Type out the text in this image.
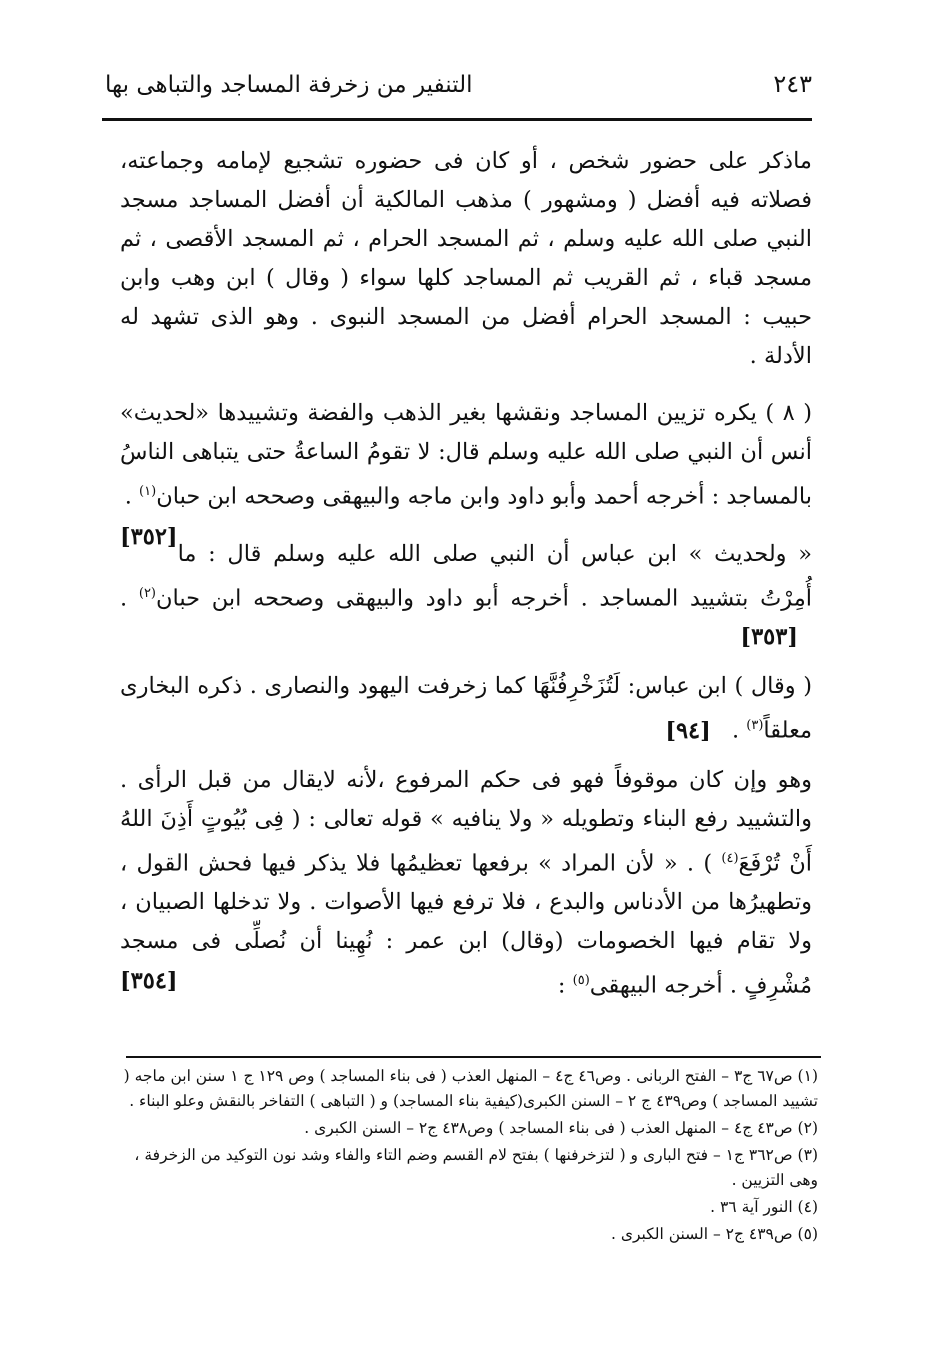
٢٤٣
التنفير من زخرفة المساجد والتباهى بها

ماذكر على حضور شخص ، أو كان فى حضوره تشجيع لإمامه وجماعته، فصلاته فيه أفضل ( ومشهور ) مذهب المالكية أن أفضل المساجد مسجد النبي صلى الله عليه وسلم ، ثم المسجد الحرام ، ثم المسجد الأقصى ، ثم مسجد قباء ، ثم القريب ثم المساجد كلها سواء ( وقال ) ابن وهب وابن حبيب : المسجد الحرام أفضل من المسجد النبوى . وهو الذى تشهد له الأدلة .

( ٨ ) يكره تزيين المساجد ونقشها بغير الذهب والفضة وتشييدها «لحديث» أنس أن النبي صلى الله عليه وسلم قال: لا تقومُ الساعةُ حتى يتباهى الناسُ بالمساجد : أخرجه أحمد وأبو داود وابن ماجه والبيهقى وصححه ابن حبان$^{(١)}$ .
[٣٥٢]

« ولحديث » ابن عباس أن النبي صلى الله عليه وسلم قال : ما أُمِرْتُ بتشييد المساجد . أخرجه أبو داود والبيهقى وصححه ابن حبان$^{(٢)}$ . [٣٥٣]

( وقال ) ابن عباس: لَتُزَخْرِفُنَّهَا كما زخرفت اليهود والنصارى . ذكره البخارى معلقاً$^{(٣)}$ . [٩٤]

وهو وإن كان موقوفاً فهو فى حكم المرفوع ،لأنه لايقال من قبل الرأى . والتشييد رفع البناء وتطويله « ولا ينافيه » قوله تعالى : ( فِى بُيُوتٍ أَذِنَ اللهُ أَنْ تُرْفَعَ$^{(٤)}$ ) . « لأن المراد » برفعها تعظيمُها فلا يذكر فيها فحش القول ، وتطهيرُها من الأدناس والبدع ، فلا ترفع فيها الأصوات . ولا تدخلها الصبيان ، ولا تقام فيها الخصومات (وقال) ابن عمر : نُهِينا أن نُصلِّى فى مسجد مُشْرِفٍ . أخرجه البيهقى$^{(٥)}$ :
[٣٥٤]

(١) ص٦٧ ج٣ – الفتح الربانى . وص٤٦ ج٤ – المنهل العذب ( فى بناء المساجد ) وص ١٢٩ ج ١ سنن ابن ماجه ( تشييد المساجد ) وص٤٣٩ ج ٢ – السنن الكبرى(كيفية بناء المساجد) و ( التباهى ) التفاخر بالنقش وعلو البناء .

(٢) ص٤٣ ج٤ – المنهل العذب ( فى بناء المساجد ) وص٤٣٨ ج٢ – السنن الكبرى .

(٣) ص٣٦٢ ج١ – فتح البارى و ( لتزخرفنها ) بفتح لام القسم وضم التاء والفاء وشد نون التوكيد من الزخرفة ، وهى التزيين .

(٤) النور آية ٣٦ .

(٥) ص٤٣٩ ج٢ – السنن الكبرى .
